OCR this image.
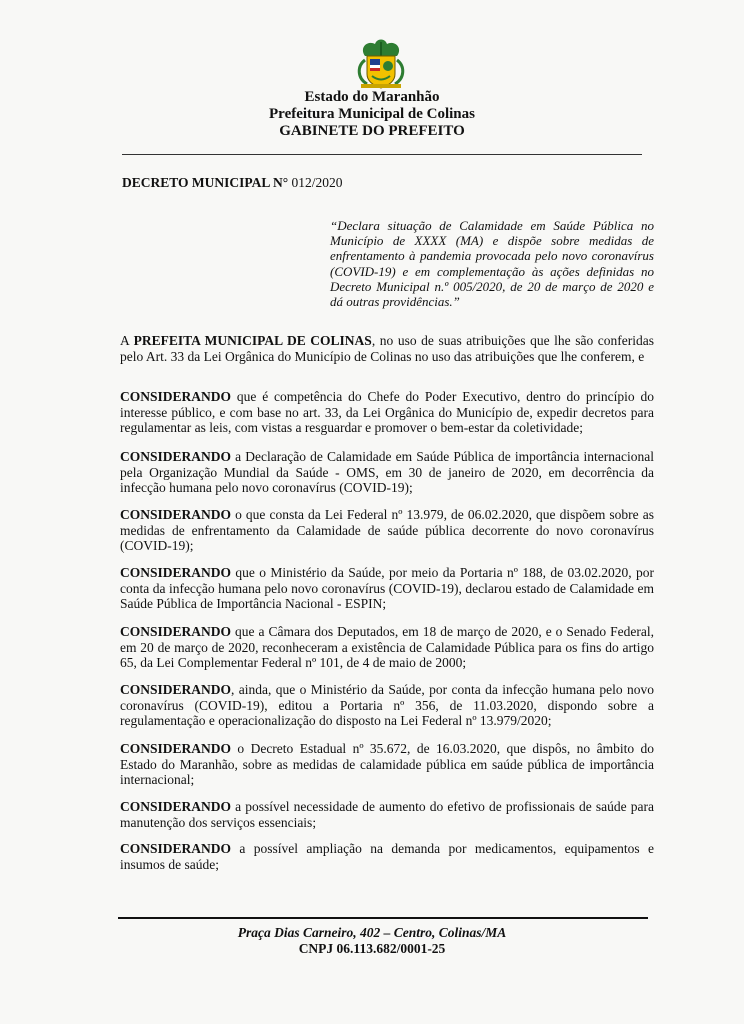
Estado do Maranhão
Prefeitura Municipal de Colinas
GABINETE DO PREFEITO
DECRETO MUNICIPAL N° 012/2020
“Declara situação de Calamidade em Saúde Pública no Município de XXXX (MA) e dispõe sobre medidas de enfrentamento à pandemia provocada pelo novo coronavírus (COVID-19) e em complementação às ações definidas no Decreto Municipal n.º 005/2020, de 20 de março de 2020 e dá outras providências.”
A PREFEITA MUNICIPAL DE COLINAS, no uso de suas atribuições que lhe são conferidas pelo Art. 33 da Lei Orgânica do Município de Colinas no uso das atribuições que lhe conferem, e
CONSIDERANDO que é competência do Chefe do Poder Executivo, dentro do princípio do interesse público, e com base no art. 33, da Lei Orgânica do Município de, expedir decretos para regulamentar as leis, com vistas a resguardar e promover o bem-estar da coletividade;
CONSIDERANDO a Declaração de Calamidade em Saúde Pública de importância internacional pela Organização Mundial da Saúde - OMS, em 30 de janeiro de 2020, em decorrência da infecção humana pelo novo coronavírus (COVID-19);
CONSIDERANDO o que consta da Lei Federal nº 13.979, de 06.02.2020, que dispõem sobre as medidas de enfrentamento da Calamidade de saúde pública decorrente do novo coronavírus (COVID-19);
CONSIDERANDO que o Ministério da Saúde, por meio da Portaria nº 188, de 03.02.2020, por conta da infecção humana pelo novo coronavírus (COVID-19), declarou estado de Calamidade em Saúde Pública de Importância Nacional - ESPIN;
CONSIDERANDO que a Câmara dos Deputados, em 18 de março de 2020, e o Senado Federal, em 20 de março de 2020, reconheceram a existência de Calamidade Pública para os fins do artigo 65, da Lei Complementar Federal nº 101, de 4 de maio de 2000;
CONSIDERANDO, ainda, que o Ministério da Saúde, por conta da infecção humana pelo novo coronavírus (COVID-19), editou a Portaria nº 356, de 11.03.2020, dispondo sobre a regulamentação e operacionalização do disposto na Lei Federal nº 13.979/2020;
CONSIDERANDO o Decreto Estadual nº 35.672, de 16.03.2020, que dispôs, no âmbito do Estado do Maranhão, sobre as medidas de calamidade pública em saúde pública de importância internacional;
CONSIDERANDO a possível necessidade de aumento do efetivo de profissionais de saúde para manutenção dos serviços essenciais;
CONSIDERANDO a possível ampliação na demanda por medicamentos, equipamentos e insumos de saúde;
Praça Dias Carneiro, 402 – Centro, Colinas/MA
CNPJ 06.113.682/0001-25
